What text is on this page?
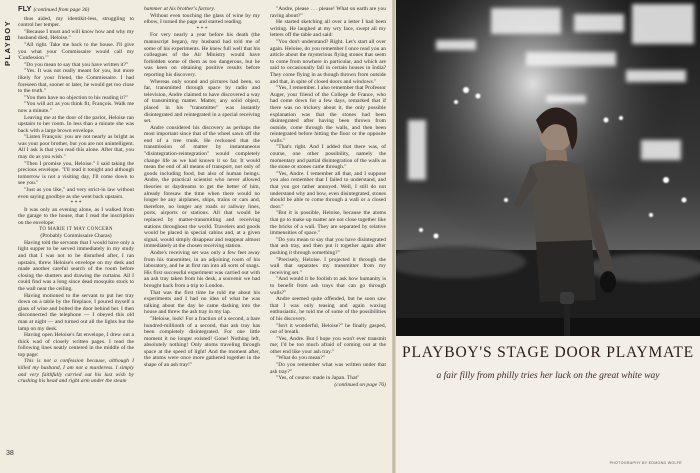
PLAYBOY
FLY (continued from page 36)

thus aided, my identikit-less, struggling to control her temper.

"Because I must and will know how and why my husband died, Heloise."

"All right. Take me back to the house. I'll give you what your Commissaire would call my 'Confession.'"

"Do you mean to say that you have written it?"

"Yes. It was not really meant for you, but more likely for your friend, the Commissaire. I had foreseen that, sooner or later, he would get too close to the truth."

"You then have no objection to his reading it?"

"You will act as you think fit, François. Walk me now a minute."

Leaving me at the door of the parlor, Heloise ran upstairs to her room. In less than a minute she was back with a large brown envelope.

"Listen François: you are not nearly as bright as was your poor brother, but you are not unintelligent. All I ask is that you read this alone. After that, you may do as you wish."

"Then I promise you, Heloise." I said taking the precious envelope. "I'll read it tonight and although tomorrow is not a visiting day, I'll come down to see you."

"Just as you like," and very strict-in law without even saying goodbye as she went back upstairs.

* * *

It was only an evening alone, as I walked from the garage to the house, that I read the inscription on the envelope:

TO MARIE IT MAY CONCERN

(Probably Commissaire Charas)

Having told the servants that I would have only a light supper to be served immediately in my study and that I was not to be disturbed after, I ran upstairs, threw Heloise's envelope on my desk and made another careful search of the room before closing the shutters and drawing the curtains. All I could find was a long since dead mosquito stuck to the wall near the ceiling.

Having motioned to the servant to put her tray down on a table by the fireplace, I poured myself a glass of wine and bolted the door behind her. I then disconnected the telephone — I obeyed this old man at night — and turned out all the lights but the lamp on my desk.

Having open Heloise's fat envelope, I drew out a thick wad of closely written pages. I read the following lines neatly centered in the middle of the top page:

This is not a confession because, although I killed my husband, I am not a murderess. I simply and very faithfully carried out his last wish by crushing his head and right arm under the steam

hammer at his brother's factory.

Without even touching the glass of wine by my elbow, I turned the page and started reading.

* * *

For very nearly a year before his death (the manuscript began), my husband had told me of some of his experiments. He knew full well that his colleagues of the Air Ministry would have forbidden some of them as too dangerous, but he was keen on obtaining positive results before reporting his discovery.

Whereas only sound and pictures had been, so far, transmitted through space by radio and television, Andre claimed to have discovered a way of transmitting matter. Matter, any solid object, placed in his "transmitter" was instantly disintegrated and reintegrated in a special receiving set.

Andre considered his discovery as perhaps the most important since that of the wheel sawn off the end of a tree trunk. He reckoned that the transmission of matter by instantaneous "disintegration-reintegration" would completely change life as we had known it so far. It would mean the end of all means of transport, not only of goods including food, but also of human beings. Andre, the practical scientist who never allowed theories or daydreams to get the better of him, already foresaw the time when there would no longer be any airplanes, ships, trains or cars and, therefore, no longer any roads or railway lines, ports, airports or stations. All that would be replaced by matter-transmitting and receiving stations throughout the world. Travelers and goods would be placed in special cabins and, at a given signal, would simply disappear and reappear almost immediately at the chosen receiving station.

Andre's receiving set was only a few feet away from his transmitter, in an adjoining room of his laboratory, and he at first ran into all sorts of snags. His first successful experiment was carried out with an ash tray taken from his desk, a souvenir we had brought back from a trip to London.

That was the first time he told me about his experiments and I had no idea of what he was talking about the day he came dashing into the house and threw the ash tray in my lap.

"Heloise, look! For a fraction of a second, a bare hundred-millionth of a second, that ash tray has been completely disintegrated. For one little moment it no longer existed! Gone! Nothing left, absolutely nothing! Only atoms traveling through space at the speed of light! And the moment after, the atoms were once more gathered together in the shape of an ash tray!"

"Andre, please . . . please! What on earth are you raving about?"

He started sketching all over a letter I had been writing. He laughed at my wry face, swept all my letters off the table and said:

"You don't understand? Right. Let's start all over again. Heloise, do you remember I once read you an article about the mysterious flying stones that seem to come from nowhere in particular, and which are said to occasionally fall in certain houses in India? They come flying in as though thrown from outside and that, in spite of closed doors and windows."

"Yes, I remember. I also remember that Professor Auger, your friend of the College de France, who had come down for a few days, remarked that if there was no trickery about it, the only possible explanation was that the stones had been disintegrated after having been thrown from outside, come through the walls, and then been reintegrated before hitting the floor or the opposite walls."

"That's right. And I added that there was, of course, one other possibility, namely the momentary and partial disintegration of the walls as the stone or stones came through."

"Yes, Andre. I remember all that, and I suppose you also remember that I failed to understand, and that you got rather annoyed. Well, I still do not understand why and how, even disintegrated, stones should be able to come through a wall or a closed door."

"But it is possible, Heloise, because the atoms that go to make up matter are not close together like the bricks of a wall. They are separated by relative immensities of space."

"Do you mean to say that you have disintegrated that ash tray, and then put it together again after pushing it through something?"

"Precisely, Heloise. I projected it through the wall that separates my transmitter from my receiving set."

"And would it be foolish to ask how humanity is to benefit from ash trays that can go through walls?"

Andre seemed quite offended, but he soon saw that I was only teasing and again waxing enthusiastic, he told me of some of the possibilities of his discovery.

"Isn't it wonderful, Heloise?" he finally gasped, out of breath.

"Yes, Andre. But I hope you won't ever transmit me; I'd be too much afraid of coming out at the other end like your ash tray."

"What do you mean?"

"Do you remember what was written under that ash tray?"

"Yes, of course: made in Japan. That"

(continued on page 76)

38
PLAYBOY'S STAGE DOOR PLAYMATE
a fair filly from philly tries her luck on the great white way
PHOTOGRAPHY BY EDMOND WOLFE
